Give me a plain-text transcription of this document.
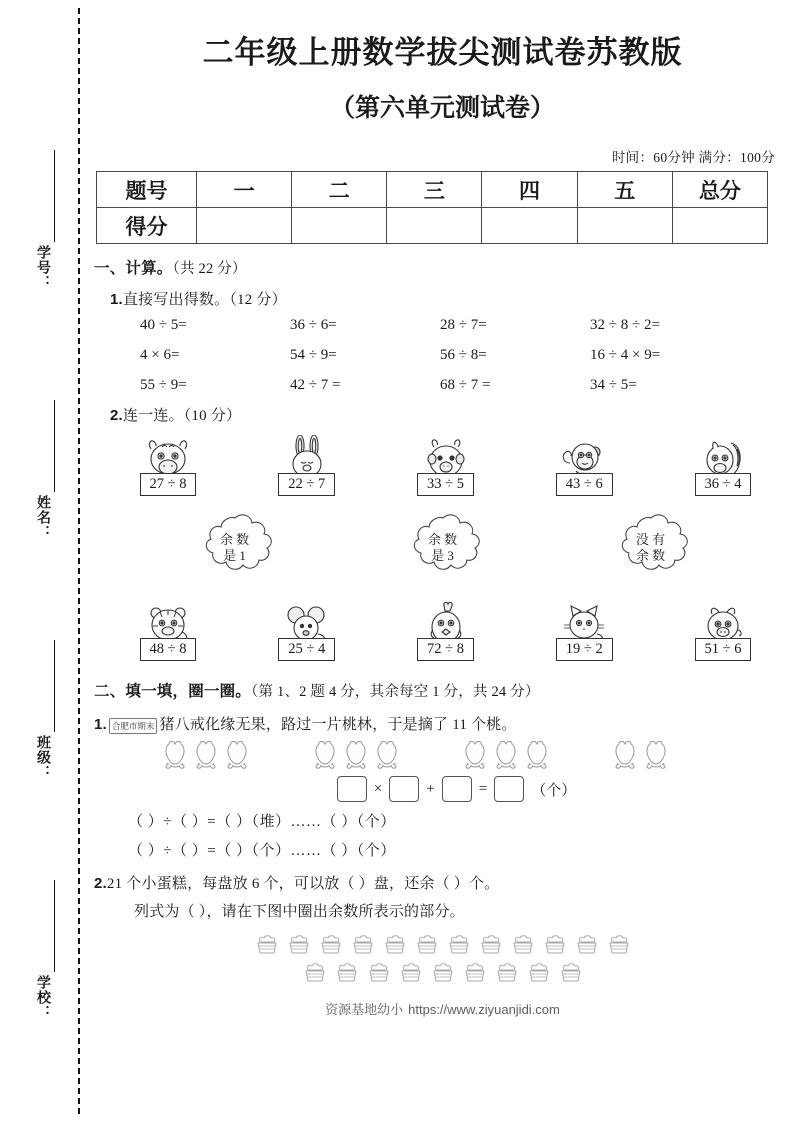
学号：
姓名：
班级：
学校：
二年级上册数学拔尖测试卷苏教版
（第六单元测试卷）
时间：60分钟 满分：100分
题号	一	二	三	四	五	总分
得分						
一、计算。（共 22 分）
1.直接写出得数。（12 分）
40 ÷ 5=	36 ÷ 6=	28 ÷ 7=	32 ÷ 8 ÷ 2=
4 × 6=	54 ÷ 9=	56 ÷ 8=	16 ÷ 4 × 9=
55 ÷ 9=	42 ÷ 7 =	68 ÷ 7 =	34 ÷ 5=
2.连一连。（10 分）
27 ÷ 8	22 ÷ 7	33 ÷ 5	43 ÷ 6	36 ÷ 4
余 数
是 1
余 数
是 3
没 有
余 数
48 ÷ 8	25 ÷ 4	72 ÷ 8	19 ÷ 2	51 ÷ 6
二、填一填，圈一圈。（第 1、2 题 4 分，其余每空 1 分，共 24 分）
1. 合肥市期末 猪八戒化缘无果，路过一片桃林，于是摘了 11 个桃。
×	+	=	（个）
（ ）÷（ ）=（ ）（堆）……（ ）（个）
（ ）÷（ ）=（ ）（个）……（ ）（个）
2.21 个小蛋糕，每盘放 6 个，可以放（ ）盘，还余（ ）个。
列式为（ ），请在下图中圈出余数所表示的部分。
资源基地幼小 https://www.ziyuanjidi.com
